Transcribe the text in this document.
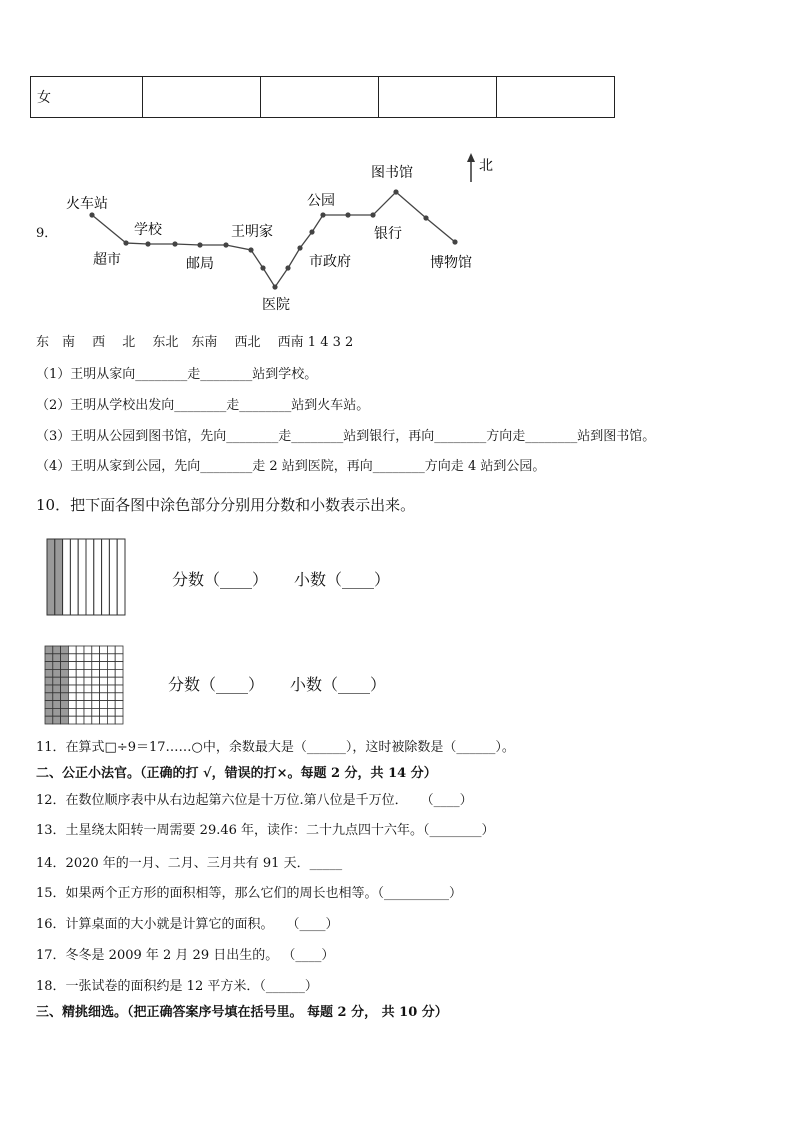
女				
9．
北
火车站
超市
学校
邮局
王明家
医院
市政府
公园
银行
图书馆
博物馆
东　南　 西　 北　 东北　东南　 西北　 西南 1 4 3 2
（1）王明从家向________走________站到学校。
（2）王明从学校出发向________走________站到火车站。
（3）王明从公园到图书馆，先向________走________站到银行，再向________方向走________站到图书馆。
（4）王明从家到公园，先向________走 2 站到医院，再向________方向走 4 站到公园。
10．把下面各图中涂色部分分别用分数和小数表示出来。
分数（____） 小数（____）
分数（____） 小数（____）
11．在算式□÷9＝17……○中，余数最大是（______），这时被除数是（______）。
二、公正小法官。（正确的打 √，错误的打×。每题 2 分，共 14 分）
12．在数位顺序表中从右边起第六位是十万位.第八位是千万位．　　（____）
13．土星绕太阳转一周需要 29.46 年，读作：二十九点四十六年。（________）
14．2020 年的一月、二月、三月共有 91 天．_____
15．如果两个正方形的面积相等，那么它们的周长也相等。（__________）
16．计算桌面的大小就是计算它的面积。　　（____）
17．冬冬是 2009 年 2 月 29 日出生的。 （____）
18．一张试卷的面积约是 12 平方米．（______）
三、精挑细选。（把正确答案序号填在括号里。 每题 2 分， 共 10 分）
